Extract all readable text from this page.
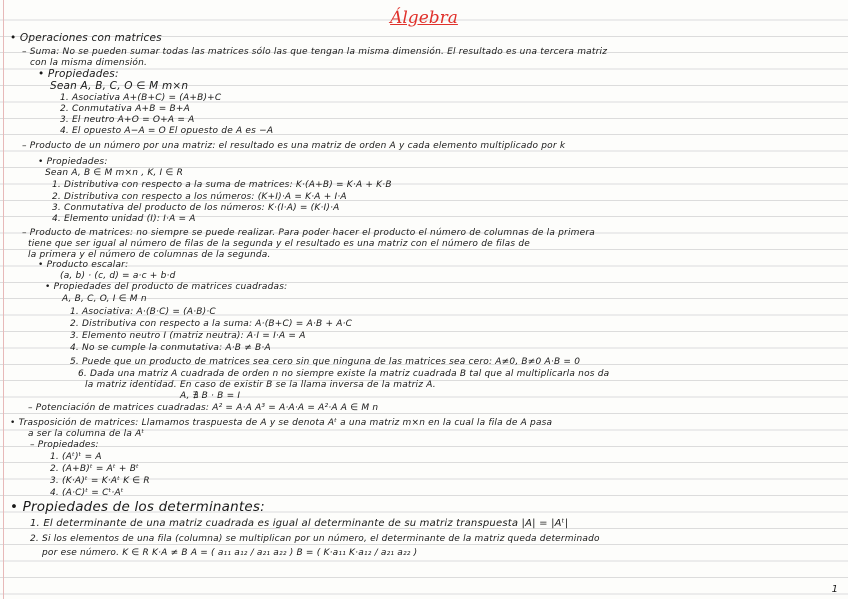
Álgebra
• Operaciones con matrices
– Suma: No se pueden sumar todas las matrices sólo las que tengan la misma dimensión. El resultado es una tercera matriz
con la misma dimensión.
• Propiedades:
Sean A, B, C, O ∈ M m×n
1. Asociativa A+(B+C) = (A+B)+C
2. Conmutativa A+B = B+A
3. El neutro A+O = O+A = A
4. El opuesto A−A = O El opuesto de A es −A
– Producto de un número por una matriz: el resultado es una matriz de orden A y cada elemento multiplicado por k
• Propiedades:
Sean A, B ∈ M m×n , K, I ∈ R
1. Distributiva con respecto a la suma de matrices: K·(A+B) = K·A + K·B
2. Distributiva con respecto a los números: (K+I)·A = K·A + I·A
3. Conmutativa del producto de los números: K·(I·A) = (K·I)·A
4. Elemento unidad (I): I·A = A
– Producto de matrices: no siempre se puede realizar. Para poder hacer el producto el número de columnas de la primera
tiene que ser igual al número de filas de la segunda y el resultado es una matriz con el número de filas de
la primera y el número de columnas de la segunda.
• Producto escalar:
(a, b) · (c, d) = a·c + b·d
• Propiedades del producto de matrices cuadradas:
A, B, C, O, I ∈ M n
1. Asociativa: A·(B·C) = (A·B)·C
2. Distributiva con respecto a la suma: A·(B+C) = A·B + A·C
3. Elemento neutro I (matriz neutra): A·I = I·A = A
4. No se cumple la conmutativa: A·B ≠ B·A
5. Puede que un producto de matrices sea cero sin que ninguna de las matrices sea cero: A≠0, B≠0 A·B = 0
6. Dada una matriz A cuadrada de orden n no siempre existe la matriz cuadrada B tal que al multiplicarla nos da
la matriz identidad. En caso de existir B se la llama inversa de la matriz A.
A, ∄ B · B = I
– Potenciación de matrices cuadradas: A² = A·A A³ = A·A·A = A²·A A ∈ M n
• Trasposición de matrices: Llamamos traspuesta de A y se denota Aᵗ a una matriz m×n en la cual la fila de A pasa
a ser la columna de la Aᵗ
– Propiedades:
1. (Aᵗ)ᵗ = A
2. (A+B)ᵗ = Aᵗ + Bᵗ
3. (K·A)ᵗ = K·Aᵗ K ∈ R
4. (A·C)ᵗ = Cᵗ·Aᵗ
• Propiedades de los determinantes:
1. El determinante de una matriz cuadrada es igual al determinante de su matriz transpuesta |A| = |Aᵗ|
2. Si los elementos de una fila (columna) se multiplican por un número, el determinante de la matriz queda determinado
por ese número. K ∈ R K·A ≠ B A = ( a₁₁ a₁₂ / a₂₁ a₂₂ ) B = ( K·a₁₁ K·a₁₂ / a₂₁ a₂₂ )
1
